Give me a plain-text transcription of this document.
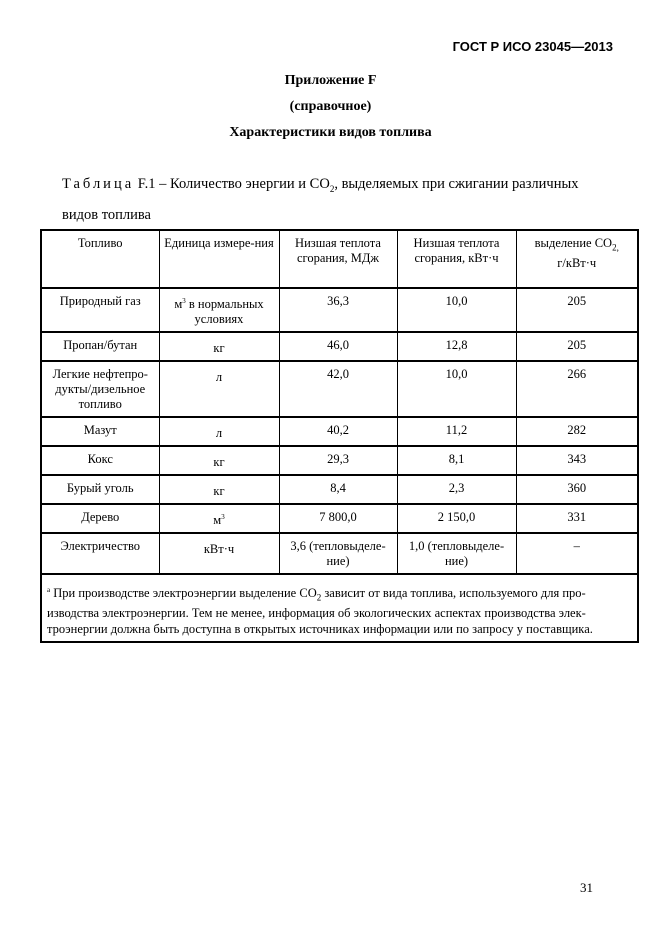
ГОСТ Р ИСО 23045—2013
Приложение F
(справочное)
Характеристики видов топлива
Таблица F.1 – Количество энергии и $CO_2$, выделяемых при сжигании различных
видов топлива
Топливо	Единица измере-ния	Низшая теплота сгорания, МДж	Низшая теплота сгорания, кВт·ч	выделение $CO_{2,}$
г/кВт·ч
Природный газ	$м^3$ в нормальных условиях	36,3	10,0	205
Пропан/бутан	кг	46,0	12,8	205
Легкие нефтепро-дукты/дизельное топливо	л	42,0	10,0	266
Мазут	л	40,2	11,2	282
Кокс	кг	29,3	8,1	343
Бурый уголь	кг	8,4	2,3	360
Дерево	$м^3$	7 800,0	2 150,0	331
Электричество	кВт·ч	3,6 (тепловыделе-ние)	1,0 (тепловыделе-ние)	–
$^a$ При производстве электроэнергии выделение $CO_2$ зависит от вида топлива, используемого для про-изводства электроэнергии. Тем не менее, информация об экологических аспектах производства элек-троэнергии должна быть доступна в открытых источниках информации или по запросу у поставщика.				
31
